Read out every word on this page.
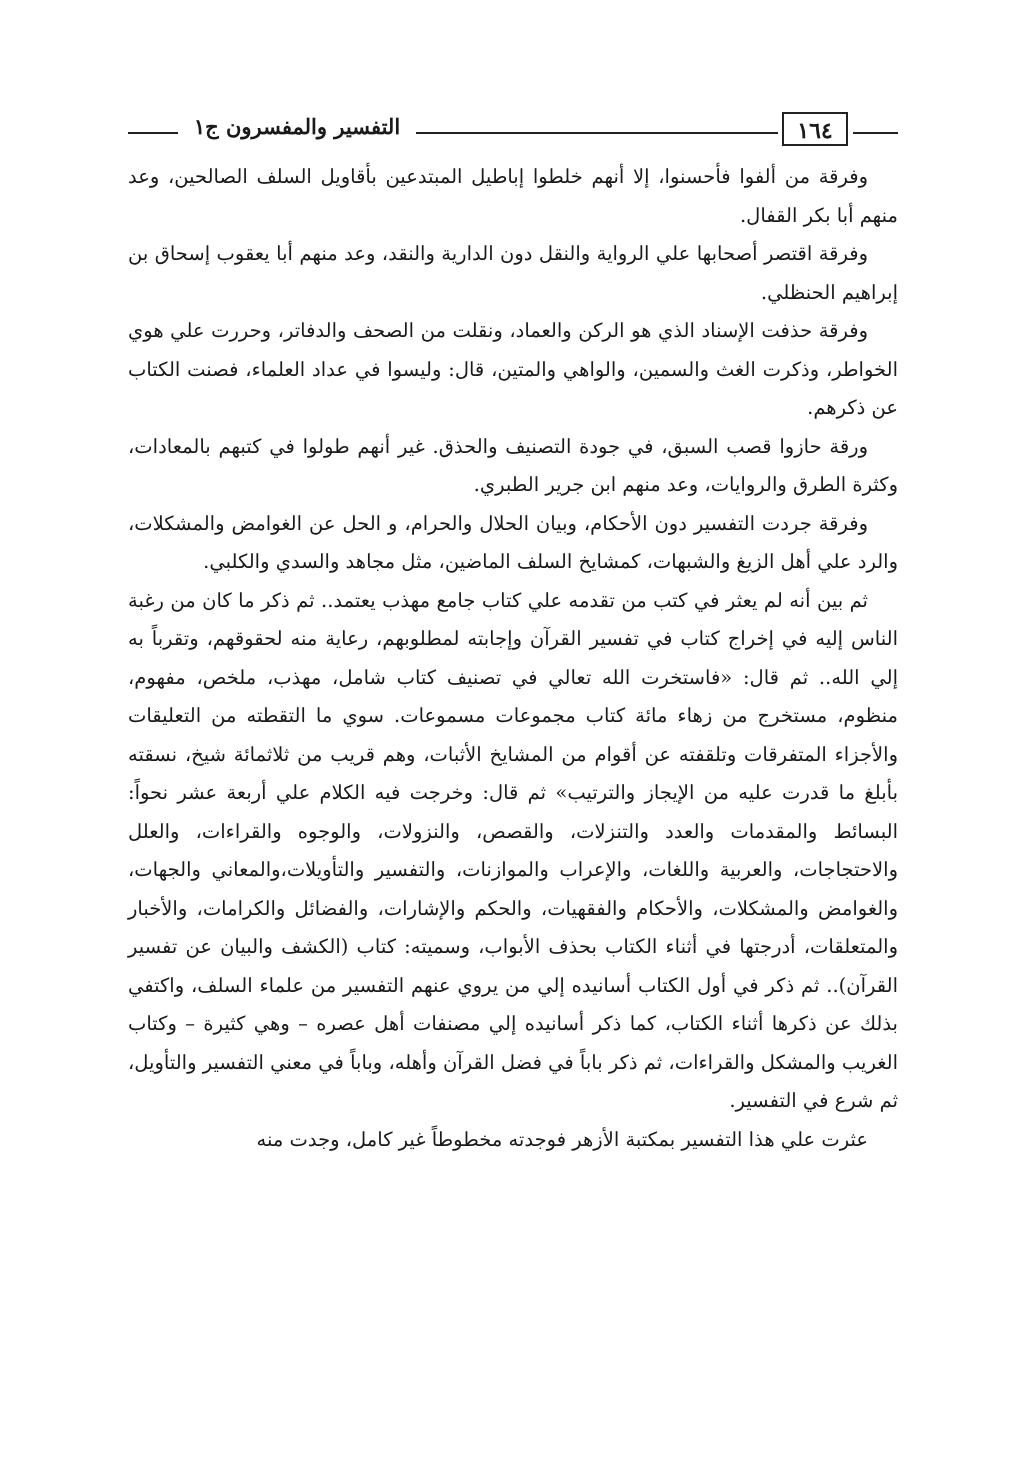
التفسير والمفسرون ج١	١٦٤

وفرقة من ألفوا فأحسنوا، إلا أنهم خلطوا إباطيل المبتدعين بأقاويل السلف الصالحين، وعد منهم أبا بكر القفال.

وفرقة اقتصر أصحابها علي الرواية والنقل دون الدارية والنقد، وعد منهم أبا يعقوب إسحاق بن إبراهيم الحنظلي.

وفرقة حذفت الإسناد الذي هو الركن والعماد، ونقلت من الصحف والدفاتر، وحررت علي هوي الخواطر، وذكرت الغث والسمين، والواهي والمتين، قال: وليسوا في عداد العلماء، فصنت الكتاب عن ذكرهم.

ورقة حازوا قصب السبق، في جودة التصنيف والحذق. غير أنهم طولوا في كتبهم بالمعادات، وكثرة الطرق والروايات، وعد منهم ابن جرير الطبري.

وفرقة جردت التفسير دون الأحكام، وبيان الحلال والحرام، و الحل عن الغوامض والمشكلات، والرد علي أهل الزيغ والشبهات، كمشايخ السلف الماضين، مثل مجاهد والسدي والكلبي.

ثم بين أنه لم يعثر في كتب من تقدمه علي كتاب جامع مهذب يعتمد.. ثم ذكر ما كان من رغبة الناس إليه في إخراج كتاب في تفسير القرآن وإجابته لمطلوبهم، رعاية منه لحقوقهم، وتقرباً به إلي الله.. ثم قال: «فاستخرت الله تعالي في تصنيف كتاب شامل، مهذب، ملخص، مفهوم، منظوم، مستخرج من زهاء مائة كتاب مجموعات مسموعات. سوي ما التقطته من التعليقات والأجزاء المتفرقات وتلقفته عن أقوام من المشايخ الأثبات، وهم قريب من ثلاثمائة شيخ، نسقته بأبلغ ما قدرت عليه من الإيجاز والترتيب» ثم قال: وخرجت فيه الكلام علي أربعة عشر نحواً: البسائط والمقدمات والعدد والتنزلات، والقصص، والنزولات، والوجوه والقراءات، والعلل والاحتجاجات، والعربية واللغات، والإعراب والموازنات، والتفسير والتأويلات،والمعاني والجهات، والغوامض والمشكلات، والأحكام والفقهيات، والحكم والإشارات، والفضائل والكرامات، والأخبار والمتعلقات، أدرجتها في أثناء الكتاب بحذف الأبواب، وسميته: كتاب (الكشف والبيان عن تفسير القرآن).. ثم ذكر في أول الكتاب أسانيده إلي من يروي عنهم التفسير من علماء السلف، واكتفي بذلك عن ذكرها أثناء الكتاب، كما ذكر أسانيده إلي مصنفات أهل عصره – وهي كثيرة – وكتاب الغريب والمشكل والقراءات، ثم ذكر باباً في فضل القرآن وأهله، وباباً في معني التفسير والتأويل، ثم شرع في التفسير.

عثرت علي هذا التفسير بمكتبة الأزهر فوجدته مخطوطاً غير كامل، وجدت منه
